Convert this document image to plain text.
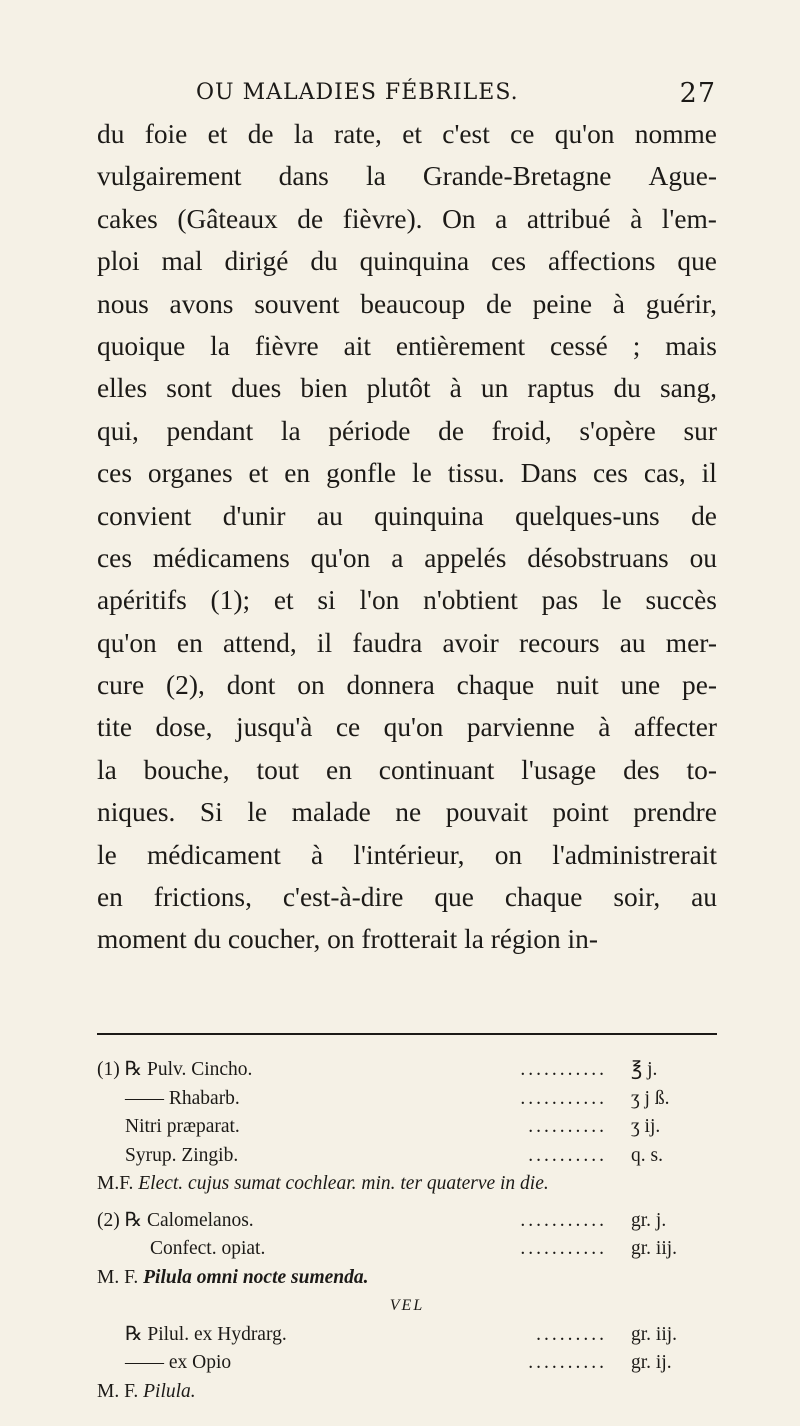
OU MALADIES FÉBRILES.	27
du foie et de la rate, et c'est ce qu'on nomme
vulgairement dans la Grande-Bretagne Ague-
cakes (Gâteaux de fièvre). On a attribué à l'em-
ploi mal dirigé du quinquina ces affections que
nous avons souvent beaucoup de peine à guérir,
quoique la fièvre ait entièrement cessé ; mais
elles sont dues bien plutôt à un raptus du sang,
qui, pendant la période de froid, s'opère sur
ces organes et en gonfle le tissu. Dans ces cas, il
convient d'unir au quinquina quelques-uns de
ces médicamens qu'on a appelés désobstruans ou
apéritifs (1); et si l'on n'obtient pas le succès
qu'on en attend, il faudra avoir recours au mer-
cure (2), dont on donnera chaque nuit une pe-
tite dose, jusqu'à ce qu'on parvienne à affecter
la bouche, tout en continuant l'usage des to-
niques. Si le malade ne pouvait point prendre
le médicament à l'intérieur, on l'administrerait
en frictions, c'est-à-dire que chaque soir, au
moment du coucher, on frotterait la région in-
(1) ℞ Pulv. Cincho.	........... ℥ j.
—— Rhabarb.	........... ʒ j ß.
Nitri præparat.	.......... ʒ ij.
Syrup. Zingib.	.......... q. s.
M.F. Elect. cujus sumat cochlear. min. ter quaterve in die.
(2) ℞ Calomelanos.	........... gr. j.
Confect. opiat.	........... gr. iij.
M. F. Pilula omni nocte sumenda.
VEL
℞ Pilul. ex Hydrarg.	......... gr. iij.
—— ex Opio	.......... gr. ij.
M. F. Pilula.
